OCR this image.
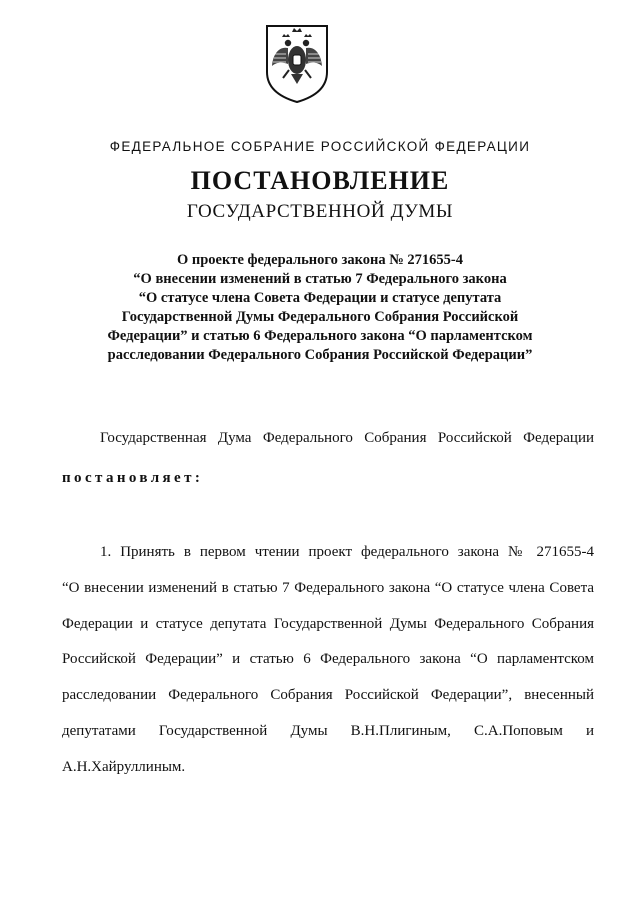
ФЕДЕРАЛЬНОЕ СОБРАНИЕ РОССИЙСКОЙ ФЕДЕРАЦИИ
ПОСТАНОВЛЕНИЕ
ГОСУДАРСТВЕННОЙ ДУМЫ
О проекте федерального закона № 271655-4
“О внесении изменений в статью 7 Федерального закона
“О статусе члена Совета Федерации и статусе депутата
Государственной Думы Федерального Собрания Российской
Федерации” и статью 6 Федерального закона “О парламентском
расследовании Федерального Собрания Российской Федерации”
Государственная Дума Федерального Собрания Российской Федерации
постановляет:
1. Принять в первом чтении проект федерального закона № 271655-4
“О внесении изменений в статью 7 Федерального закона “О статусе члена Совета
Федерации и статусе депутата Государственной Думы Федерального Собрания
Российской Федерации” и статью 6 Федерального закона “О парламентском
расследовании Федерального Собрания Российской Федерации”, внесенный
депутатами Государственной Думы В.Н.Плигиным, С.А.Поповым и
А.Н.Хайруллиным.
